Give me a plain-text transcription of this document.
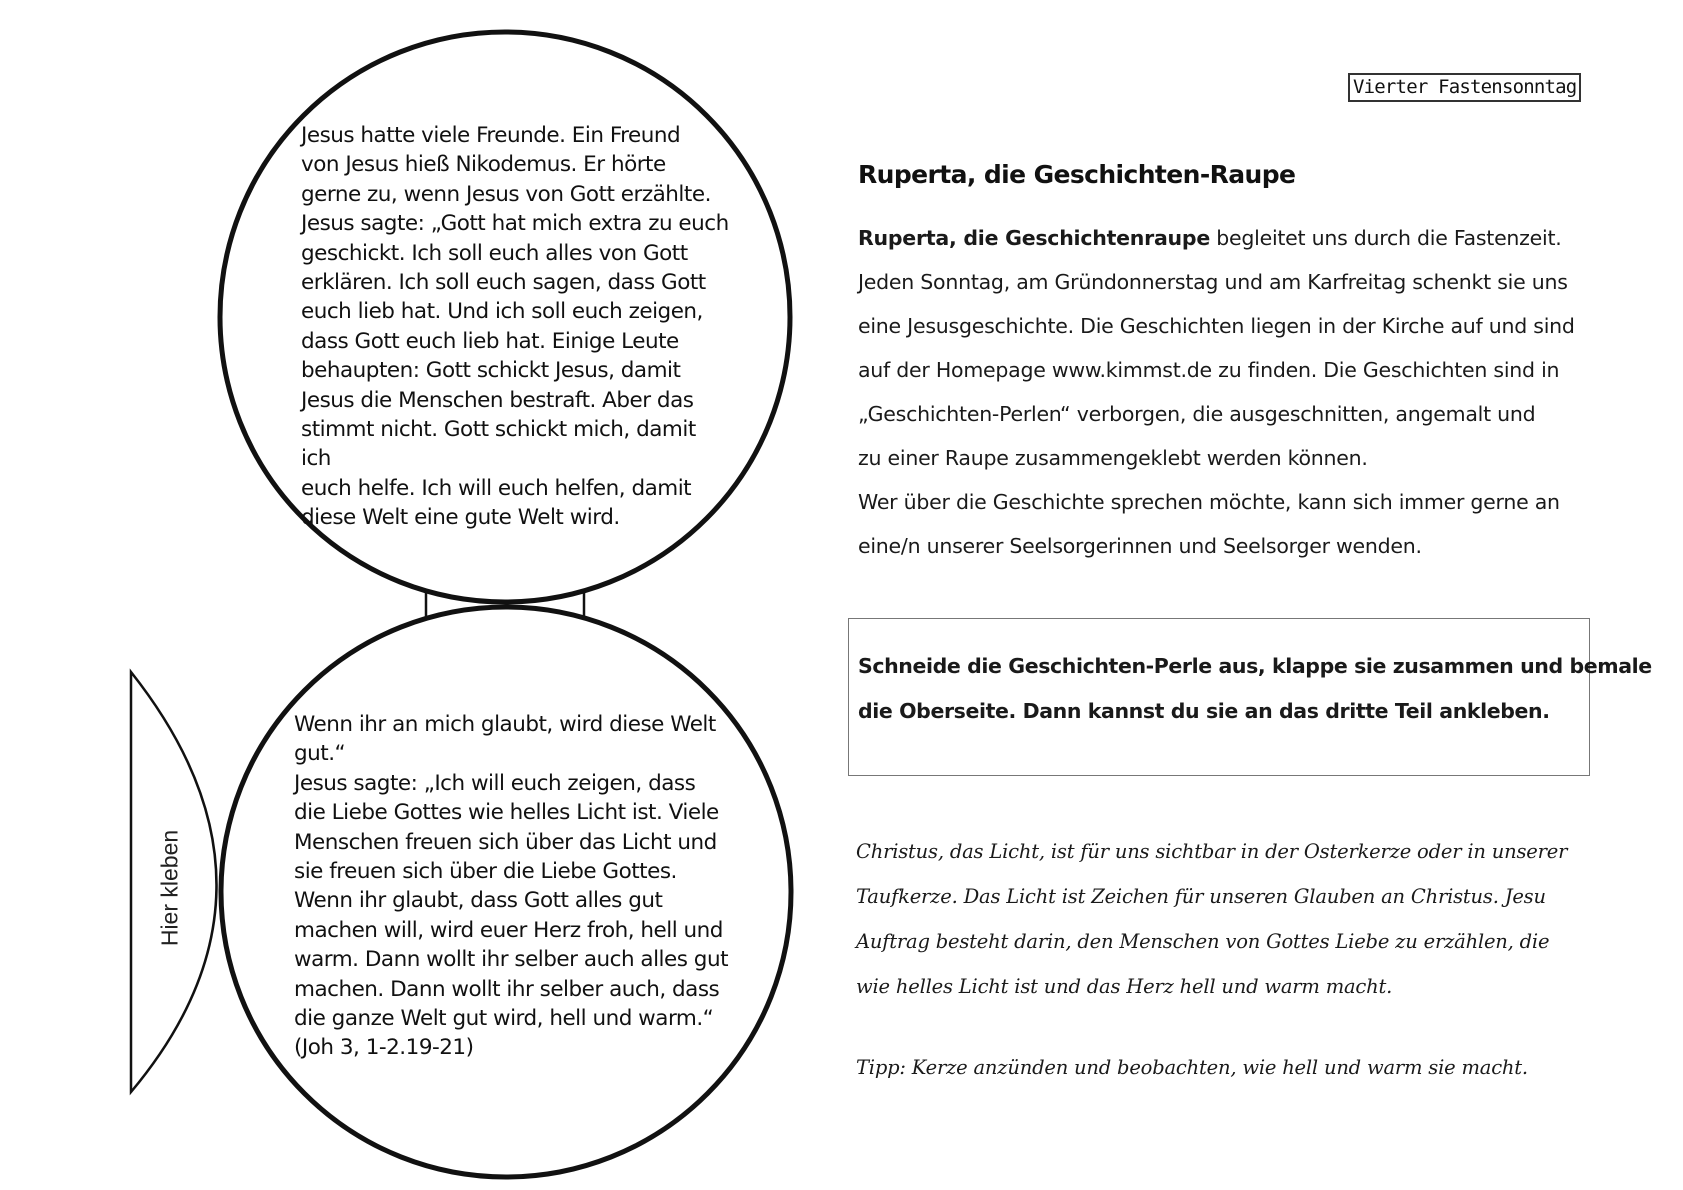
Jesus hatte viele Freunde. Ein Freund
von Jesus hieß Nikodemus. Er hörte
gerne zu, wenn Jesus von Gott erzählte.
Jesus sagte: „Gott hat mich extra zu euch
geschickt. Ich soll euch alles von Gott
erklären. Ich soll euch sagen, dass Gott
euch lieb hat. Und ich soll euch zeigen,
dass Gott euch lieb hat. Einige Leute
behaupten: Gott schickt Jesus, damit
Jesus die Menschen bestraft. Aber das
stimmt nicht. Gott schickt mich, damit ich
euch helfe. Ich will euch helfen, damit
diese Welt eine gute Welt wird.
Wenn ihr an mich glaubt, wird diese Welt
gut.“
Jesus sagte: „Ich will euch zeigen, dass
die Liebe Gottes wie helles Licht ist. Viele
Menschen freuen sich über das Licht und
sie freuen sich über die Liebe Gottes.
Wenn ihr glaubt, dass Gott alles gut
machen will, wird euer Herz froh, hell und
warm. Dann wollt ihr selber auch alles gut
machen. Dann wollt ihr selber auch, dass
die ganze Welt gut wird, hell und warm.“
(Joh 3, 1-2.19-21)
Hier kleben
Vierter Fastensonntag
Ruperta, die Geschichten-Raupe

Ruperta, die Geschichtenraupe begleitet uns durch die Fastenzeit.
Jeden Sonntag, am Gründonnerstag und am Karfreitag schenkt sie uns
eine Jesusgeschichte. Die Geschichten liegen in der Kirche auf und sind
auf der Homepage www.kimmst.de zu finden. Die Geschichten sind in
„Geschichten-Perlen“ verborgen, die ausgeschnitten, angemalt und
zu einer Raupe zusammengeklebt werden können.
Wer über die Geschichte sprechen möchte, kann sich immer gerne an
eine/n unserer Seelsorgerinnen und Seelsorger wenden.

Schneide die Geschichten-Perle aus, klappe sie zusammen und bemale
die Oberseite. Dann kannst du sie an das dritte Teil ankleben.

Christus, das Licht, ist für uns sichtbar in der Osterkerze oder in unserer
Taufkerze. Das Licht ist Zeichen für unseren Glauben an Christus. Jesu
Auftrag besteht darin, den Menschen von Gottes Liebe zu erzählen, die
wie helles Licht ist und das Herz hell und warm macht.

Tipp: Kerze anzünden und beobachten, wie hell und warm sie macht.
